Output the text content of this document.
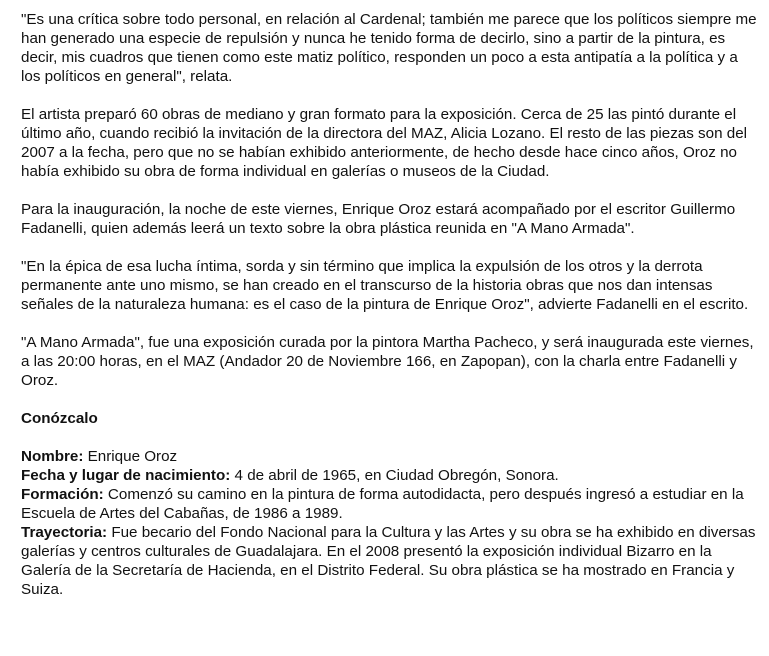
"Es una crítica sobre todo personal, en relación al Cardenal; también me parece que los políticos siempre me han generado una especie de repulsión y nunca he tenido forma de decirlo, sino a partir de la pintura, es decir, mis cuadros que tienen como este matiz político, responden un poco a esta antipatía a la política y a los políticos en general", relata.

El artista preparó 60 obras de mediano y gran formato para la exposición. Cerca de 25 las pintó durante el último año, cuando recibió la invitación de la directora del MAZ, Alicia Lozano. El resto de las piezas son del 2007 a la fecha, pero que no se habían exhibido anteriormente, de hecho desde hace cinco años, Oroz no había exhibido su obra de forma individual en galerías o museos de la Ciudad.

Para la inauguración, la noche de este viernes, Enrique Oroz estará acompañado por el escritor Guillermo Fadanelli, quien además leerá un texto sobre la obra plástica reunida en "A Mano Armada".

"En la épica de esa lucha íntima, sorda y sin término que implica la expulsión de los otros y la derrota permanente ante uno mismo, se han creado en el transcurso de la historia obras que nos dan intensas señales de la naturaleza humana: es el caso de la pintura de Enrique Oroz", advierte Fadanelli en el escrito.

"A Mano Armada", fue una exposición curada por la pintora Martha Pacheco, y será inaugurada este viernes, a las 20:00 horas, en el MAZ (Andador 20 de Noviembre 166, en Zapopan), con la charla entre Fadanelli y Oroz.

Conózcalo

Nombre: Enrique Oroz

Fecha y lugar de nacimiento: 4 de abril de 1965, en Ciudad Obregón, Sonora.

Formación: Comenzó su camino en la pintura de forma autodidacta, pero después ingresó a estudiar en la Escuela de Artes del Cabañas, de 1986 a 1989.

Trayectoria: Fue becario del Fondo Nacional para la Cultura y las Artes y su obra se ha exhibido en diversas galerías y centros culturales de Guadalajara. En el 2008 presentó la exposición individual Bizarro en la Galería de la Secretaría de Hacienda, en el Distrito Federal. Su obra plástica se ha mostrado en Francia y Suiza.
